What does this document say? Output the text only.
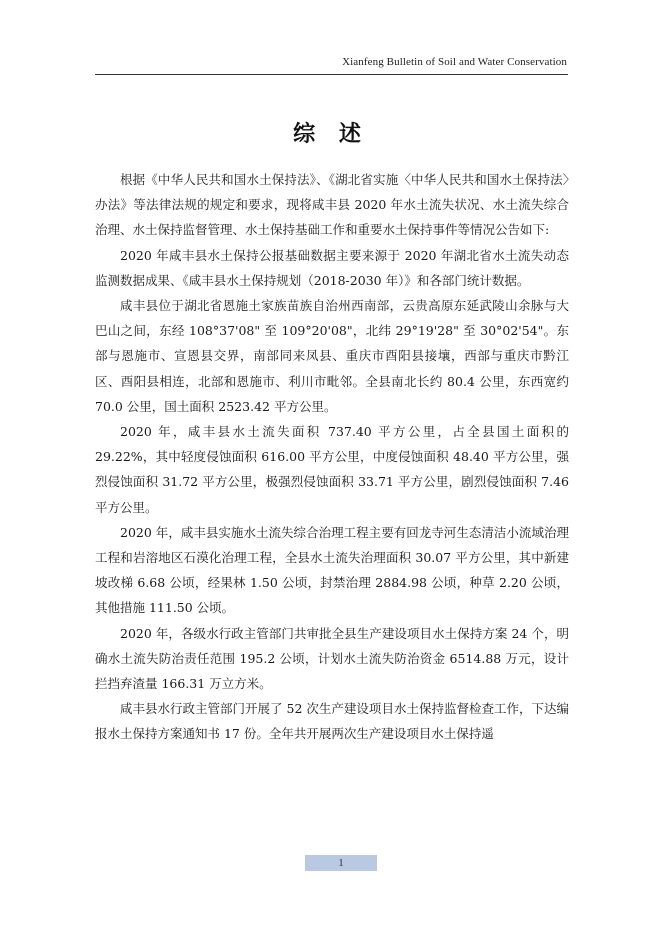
Xianfeng Bulletin of Soil and Water Conservation
综 述

根据《中华人民共和国水土保持法》、《湖北省实施〈中华人民共和国水土保持法〉办法》等法律法规的规定和要求，现将咸丰县 2020 年水土流失状况、水土流失综合治理、水土保持监督管理、水土保持基础工作和重要水土保持事件等情况公告如下:

2020 年咸丰县水土保持公报基础数据主要来源于 2020 年湖北省水土流失动态监测数据成果、《咸丰县水土保持规划（2018-2030 年）》和各部门统计数据。

咸丰县位于湖北省恩施土家族苗族自治州西南部，云贵高原东延武陵山余脉与大巴山之间，东经 108°37'08" 至 109°20'08"，北纬 29°19'28" 至 30°02'54"。东部与恩施市、宣恩县交界，南部同来凤县、重庆市酉阳县接壤，西部与重庆市黔江区、酉阳县相连，北部和恩施市、利川市毗邻。全县南北长约 80.4 公里，东西宽约 70.0 公里，国土面积 2523.42 平方公里。

2020 年，咸丰县水土流失面积 737.40 平方公里，占全县国土面积的 29.22%，其中轻度侵蚀面积 616.00 平方公里，中度侵蚀面积 48.40 平方公里，强烈侵蚀面积 31.72 平方公里，极强烈侵蚀面积 33.71 平方公里，剧烈侵蚀面积 7.46 平方公里。

2020 年，咸丰县实施水土流失综合治理工程主要有回龙寺河生态清洁小流域治理工程和岩溶地区石漠化治理工程，全县水土流失治理面积 30.07 平方公里，其中新建坡改梯 6.68 公顷，经果林 1.50 公顷，封禁治理 2884.98 公顷，种草 2.20 公顷，其他措施 111.50 公顷。

2020 年，各级水行政主管部门共审批全县生产建设项目水土保持方案 24 个，明确水土流失防治责任范围 195.2 公顷，计划水土流失防治资金 6514.88 万元，设计拦挡弃渣量 166.31 万立方米。

咸丰县水行政主管部门开展了 52 次生产建设项目水土保持监督检查工作，下达编报水土保持方案通知书 17 份。全年共开展两次生产建设项目水土保持遥

1
